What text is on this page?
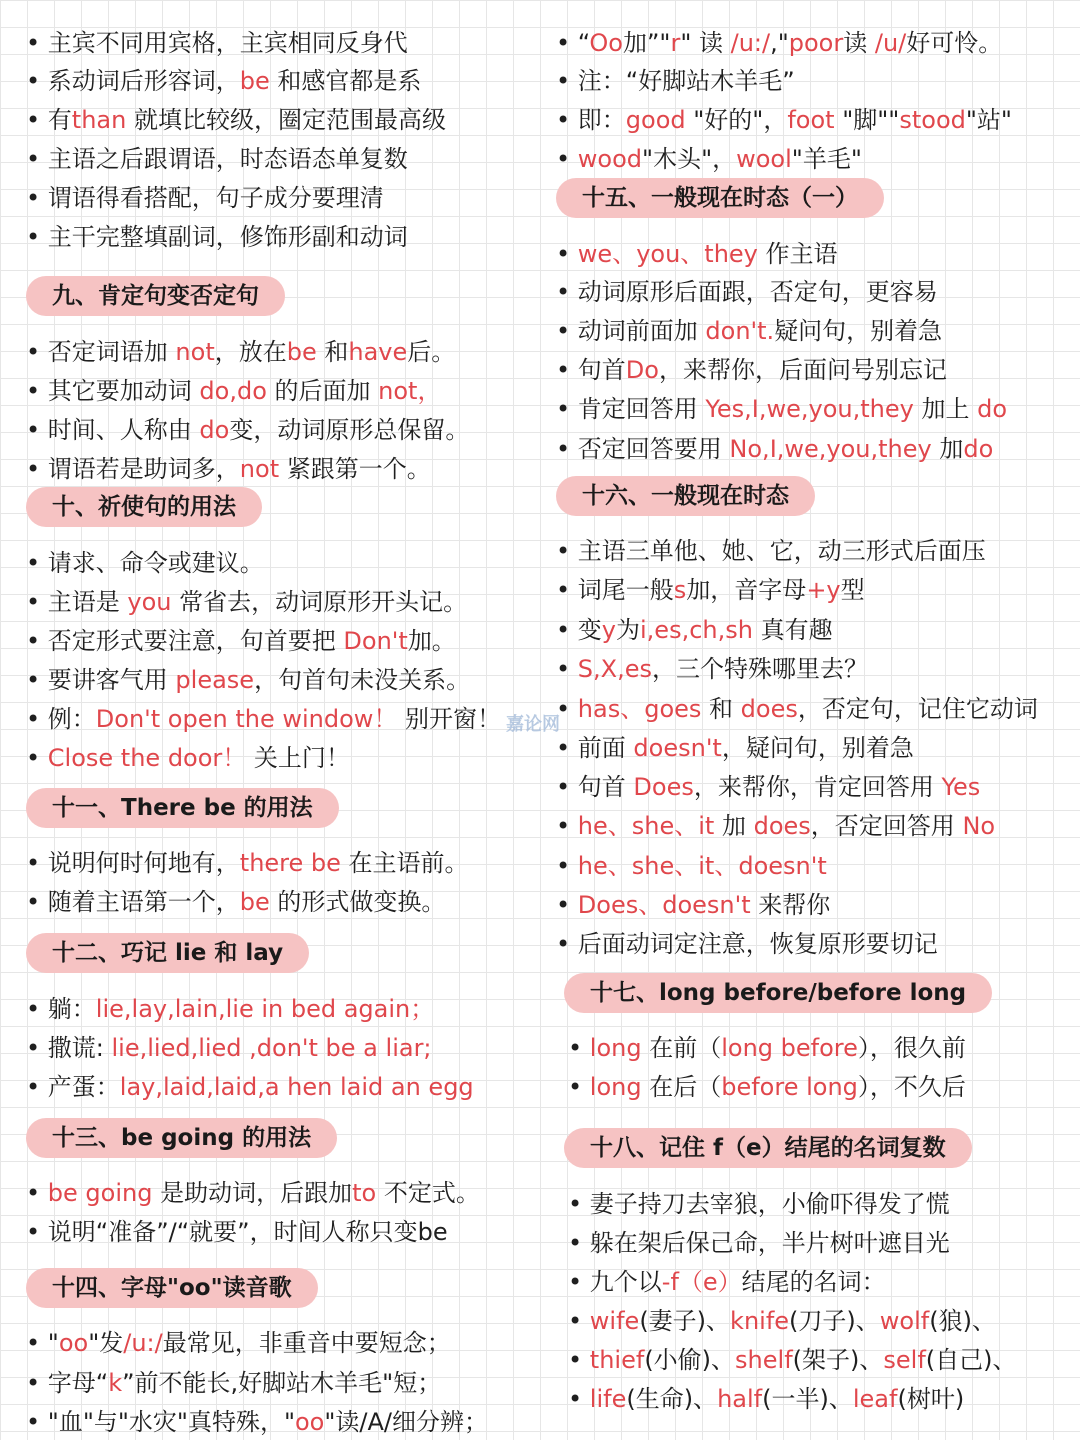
• 主宾不同用宾格，主宾相同反身代
• 系动词后形容词，be 和感官都是系
• 有than 就填比较级，圈定范围最高级
• 主语之后跟谓语，时态语态单复数
• 谓语得看搭配，句子成分要理清
• 主干完整填副词，修饰形副和动词
九、肯定句变否定句
• 否定词语加 not，放在be 和have后。
• 其它要加动词 do,do 的后面加 not，
• 时间、人称由 do变，动词原形总保留。
• 谓语若是助词多，not 紧跟第一个。
十、祈使句的用法
• 请求、命令或建议。
• 主语是 you 常省去，动词原形开头记。
• 否定形式要注意，句首要把 Don't加。
• 要讲客气用 please，句首句未没关系。
• 例：Don't open the window！ 别开窗！
• Close the door！ 关上门！
十一、There be 的用法
• 说明何时何地有，there be 在主语前。
• 随着主语第一个，be 的形式做变换。
十二、巧记 lie 和 lay
• 躺：lie,lay,lain,lie in bed again；
• 撒谎: lie,lied,lied ,don't be a liar;
• 产蛋：lay,laid,laid,a hen laid an egg
十三、be going 的用法
• be going 是助动词，后跟加to 不定式。
• 说明“准备”/“就要”，时间人称只变be
十四、字母"oo"读音歌
• "oo"发/u:/最常见，非重音中要短念；
• 字母“k”前不能长,好脚站木羊毛"短；
• "血"与"水灾"真特殊，"oo"读/A/细分辨；
• “Oo加”"r" 读 /u:/,"poor读 /u/好可怜。
• 注：“好脚站木羊毛”
• 即：good "好的"，foot "脚""stood"站"
• wood"木头"，wool"羊毛"
十五、一般现在时态（一）
• we、you、they 作主语
• 动词原形后面跟，否定句，更容易
• 动词前面加 don't.疑问句，别着急
• 句首Do，来帮你，后面问号别忘记
• 肯定回答用 Yes,I,we,you,they 加上 do
• 否定回答要用 No,I,we,you,they 加do
十六、一般现在时态
• 主语三单他、她、它，动三形式后面压
• 词尾一般s加，音字母+y型
• 变y为i,es,ch,sh 真有趣
• S,X,es，三个特殊哪里去？
• has、goes 和 does，否定句，记住它动词
• 前面 doesn't，疑问句，别着急
• 句首 Does，来帮你，肯定回答用 Yes
• he、she、it 加 does，否定回答用 No
• he、she、it、doesn't
• Does、doesn't 来帮你
• 后面动词定注意，恢复原形要切记
十七、long before/before long
• long 在前（long before），很久前
• long 在后（before long），不久后
十八、记住 f（e）结尾的名词复数
• 妻子持刀去宰狼，小偷吓得发了慌
• 躲在架后保己命，半片树叶遮目光
• 九个以-f（e）结尾的名词：
• wife(妻子)、knife(刀子)、wolf(狼)、
• thief(小偷)、shelf(架子)、self(自己)、
• life(生命)、half(一半)、leaf(树叶)
嘉论网
